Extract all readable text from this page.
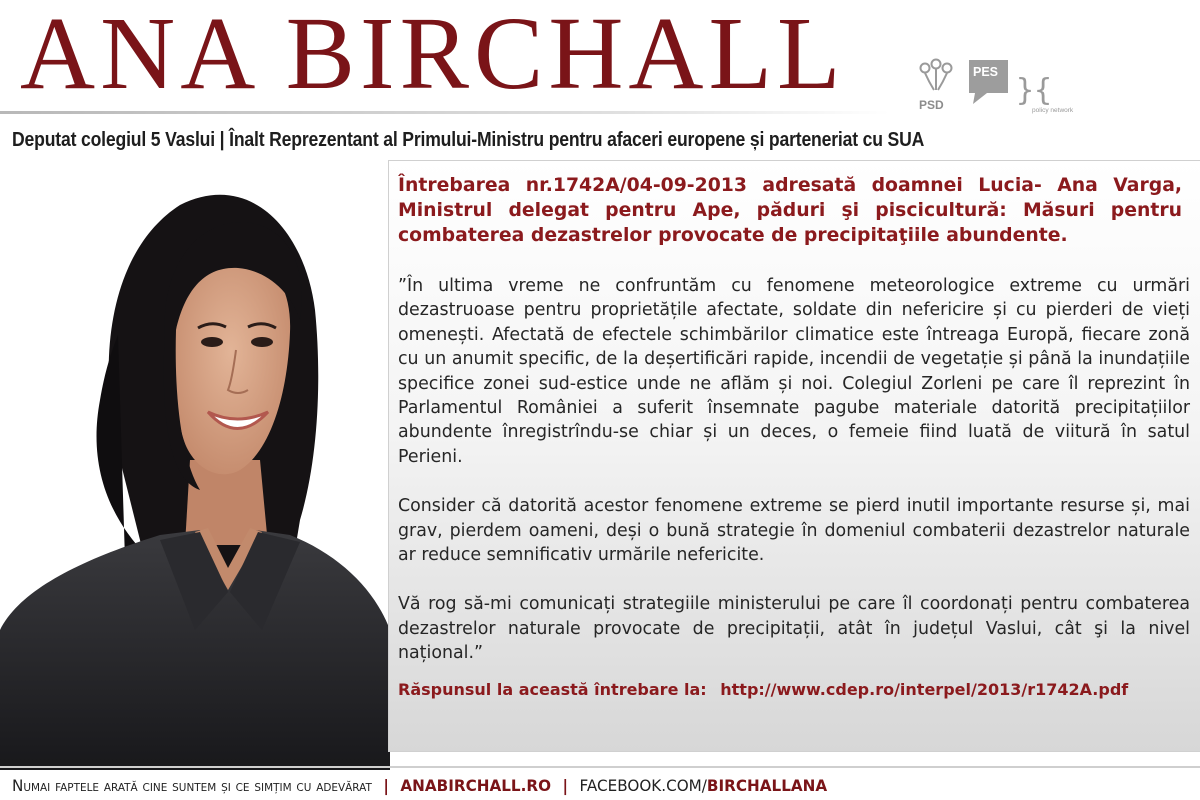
ANA BIRCHALL	PSD
PES
}{
policy network
Deputat colegiul 5 Vaslui | Înalt Reprezentant al Primului-Ministru pentru afaceri europene și parteneriat cu SUA

Întrebarea nr.1742A/04-09-2013 adresată doamnei Lucia- Ana Varga, Ministrul delegat pentru Ape, păduri şi piscicultură: Măsuri pentru combaterea dezastrelor provocate de precipitaţiile abundente.

”În ultima vreme ne confruntăm cu fenomene meteorologice extreme cu urmări dezastruoase pentru proprietățile afectate, soldate din nefericire și cu pierderi de vieți omenești. Afectată de efectele schimbărilor climatice este întreaga Europă, fiecare zonă cu un anumit specific, de la deșertificări rapide, incendii de vegetație și până la inundațiile specifice zonei sud-estice unde ne aflăm și noi. Colegiul Zorleni pe care îl reprezint în Parlamentul României a suferit însemnate pagube materiale datorită precipitațiilor abundente înregistrîndu-se chiar și un deces, o femeie fiind luată de viitură în satul Perieni.

Consider că datorită acestor fenomene extreme se pierd inutil importante resurse și, mai grav, pierdem oameni, deși o bună strategie în domeniul combaterii dezastrelor naturale ar reduce semnificativ urmările nefericite.

Vă rog să-mi comunicați strategiile ministerului pe care îl coordonați pentru combaterea dezastrelor naturale provocate de precipitații, atât în județul Vaslui, cât şi la nivel național.”

Răspunsul la această întrebare la: http://www.cdep.ro/interpel/2013/r1742A.pdf
Numai faptele arată cine suntem și ce simțim cu adevărat | ANABIRCHALL.RO | FACEBOOK.COM/BIRCHALLANA
